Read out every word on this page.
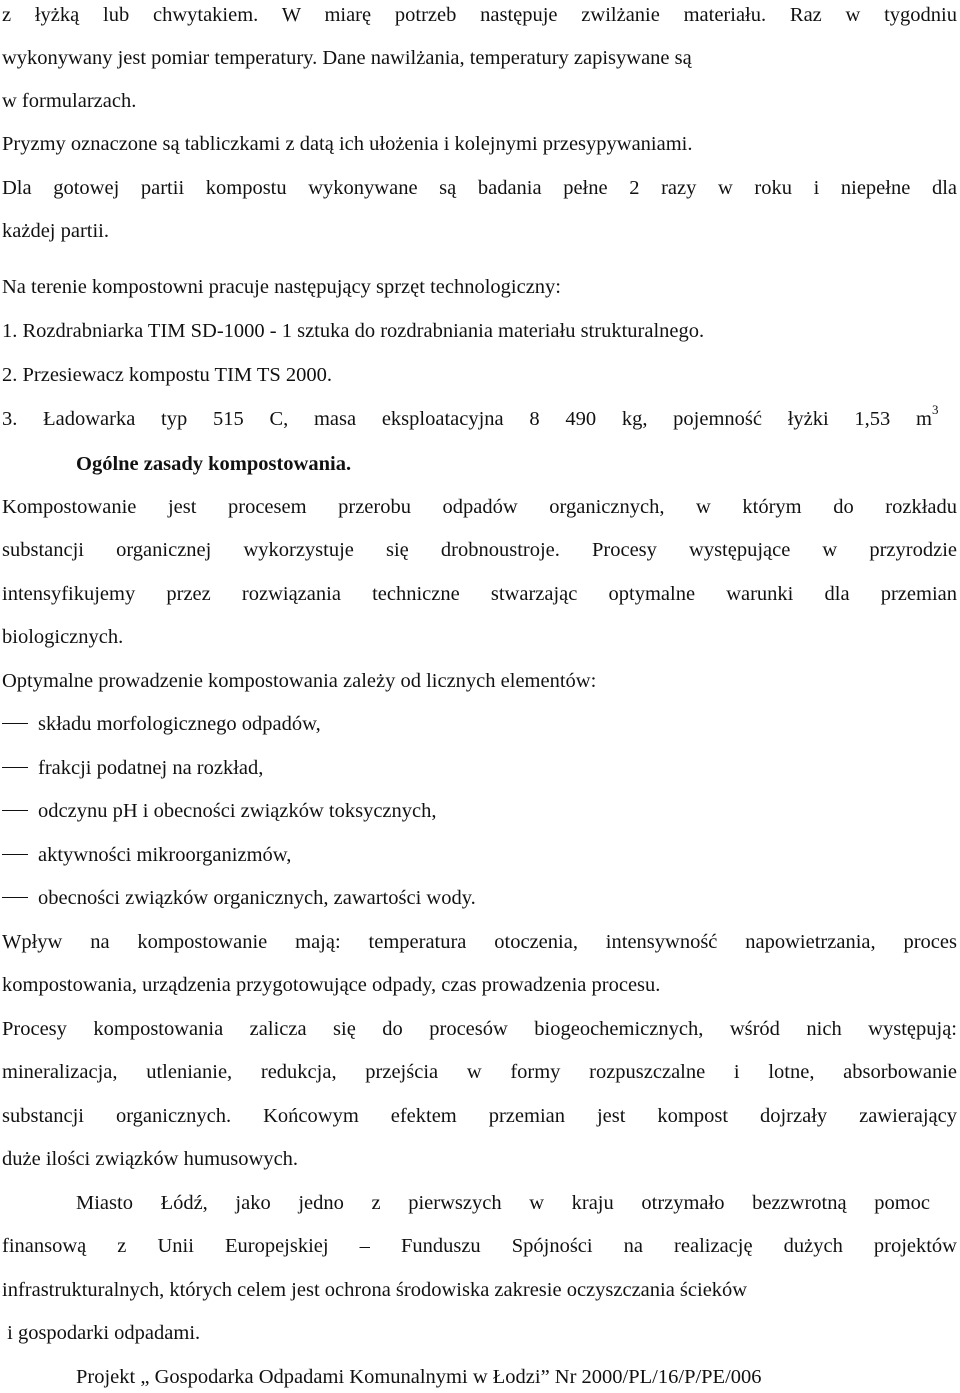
z łyżką lub chwytakiem. W miarę potrzeb następuje zwilżanie materiału. Raz w tygodniu
wykonywany jest pomiar temperatury. Dane nawilżania, temperatury zapisywane są
w formularzach.
Pryzmy oznaczone są tabliczkami z datą ich ułożenia i kolejnymi przesypywaniami.
Dla gotowej partii kompostu wykonywane są badania pełne 2 razy w roku i niepełne dla
każdej partii.
Na terenie kompostowni pracuje następujący sprzęt technologiczny:
1. Rozdrabniarka TIM SD-1000 - 1 sztuka do rozdrabniania materiału strukturalnego.
2. Przesiewacz kompostu TIM TS 2000.
3. Ładowarka typ 515 C, masa eksploatacyjna 8 490 kg, pojemność łyżki 1,53 $m^3$
Ogólne zasady kompostowania.
Kompostowanie jest procesem przerobu odpadów organicznych, w którym do rozkładu
substancji organicznej wykorzystuje się drobnoustroje. Procesy występujące w przyrodzie
intensyfikujemy przez rozwiązania techniczne stwarzając optymalne warunki dla przemian
biologicznych.
Optymalne prowadzenie kompostowania zależy od licznych elementów:
składu morfologicznego odpadów,
frakcji podatnej na rozkład,
odczynu pH i obecności związków toksycznych,
aktywności mikroorganizmów,
obecności związków organicznych, zawartości wody.
Wpływ na kompostowanie mają: temperatura otoczenia, intensywność napowietrzania, proces
kompostowania, urządzenia przygotowujące odpady, czas prowadzenia procesu.
Procesy kompostowania zalicza się do procesów biogeochemicznych, wśród nich występują:
mineralizacja, utlenianie, redukcja, przejścia w formy rozpuszczalne i lotne, absorbowanie
substancji organicznych. Końcowym efektem przemian jest kompost dojrzały zawierający
duże ilości związków humusowych.
Miasto Łódź, jako jedno z pierwszych w kraju otrzymało bezzwrotną pomoc
finansową z Unii Europejskiej – Funduszu Spójności na realizację dużych projektów
infrastrukturalnych, których celem jest ochrona środowiska zakresie oczyszczania ścieków
i gospodarki odpadami.
Projekt „ Gospodarka Odpadami Komunalnymi w Łodzi” Nr 2000/PL/16/P/PE/006
